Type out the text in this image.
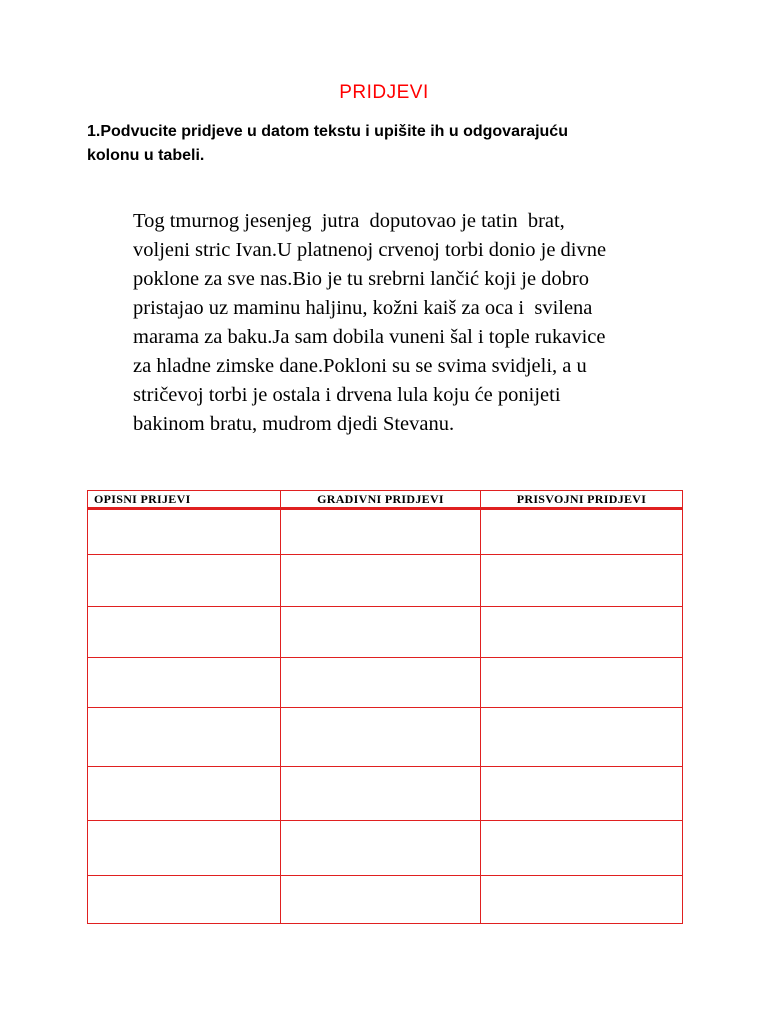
PRIDJEVI
1.Podvucite pridjeve u datom tekstu i upišite ih u odgovarajuću
kolonu u tabeli.
Tog tmurnog jesenjeg  jutra  doputovao je tatin  brat,
voljeni stric Ivan.U platnenoj crvenoj torbi donio je divne
poklone za sve nas.Bio je tu srebrni lančić koji je dobro
pristajao uz maminu haljinu, kožni kaiš za oca i  svilena
marama za baku.Ja sam dobila vuneni šal i tople rukavice
za hladne zimske dane.Pokloni su se svima svidjeli, a u
stričevoj torbi je ostala i drvena lula koju će ponijeti
bakinom bratu, mudrom djedi Stevanu.
OPISNI PRIJEVI	GRADIVNI PRIDJEVI	PRISVOJNI PRIDJEVI
